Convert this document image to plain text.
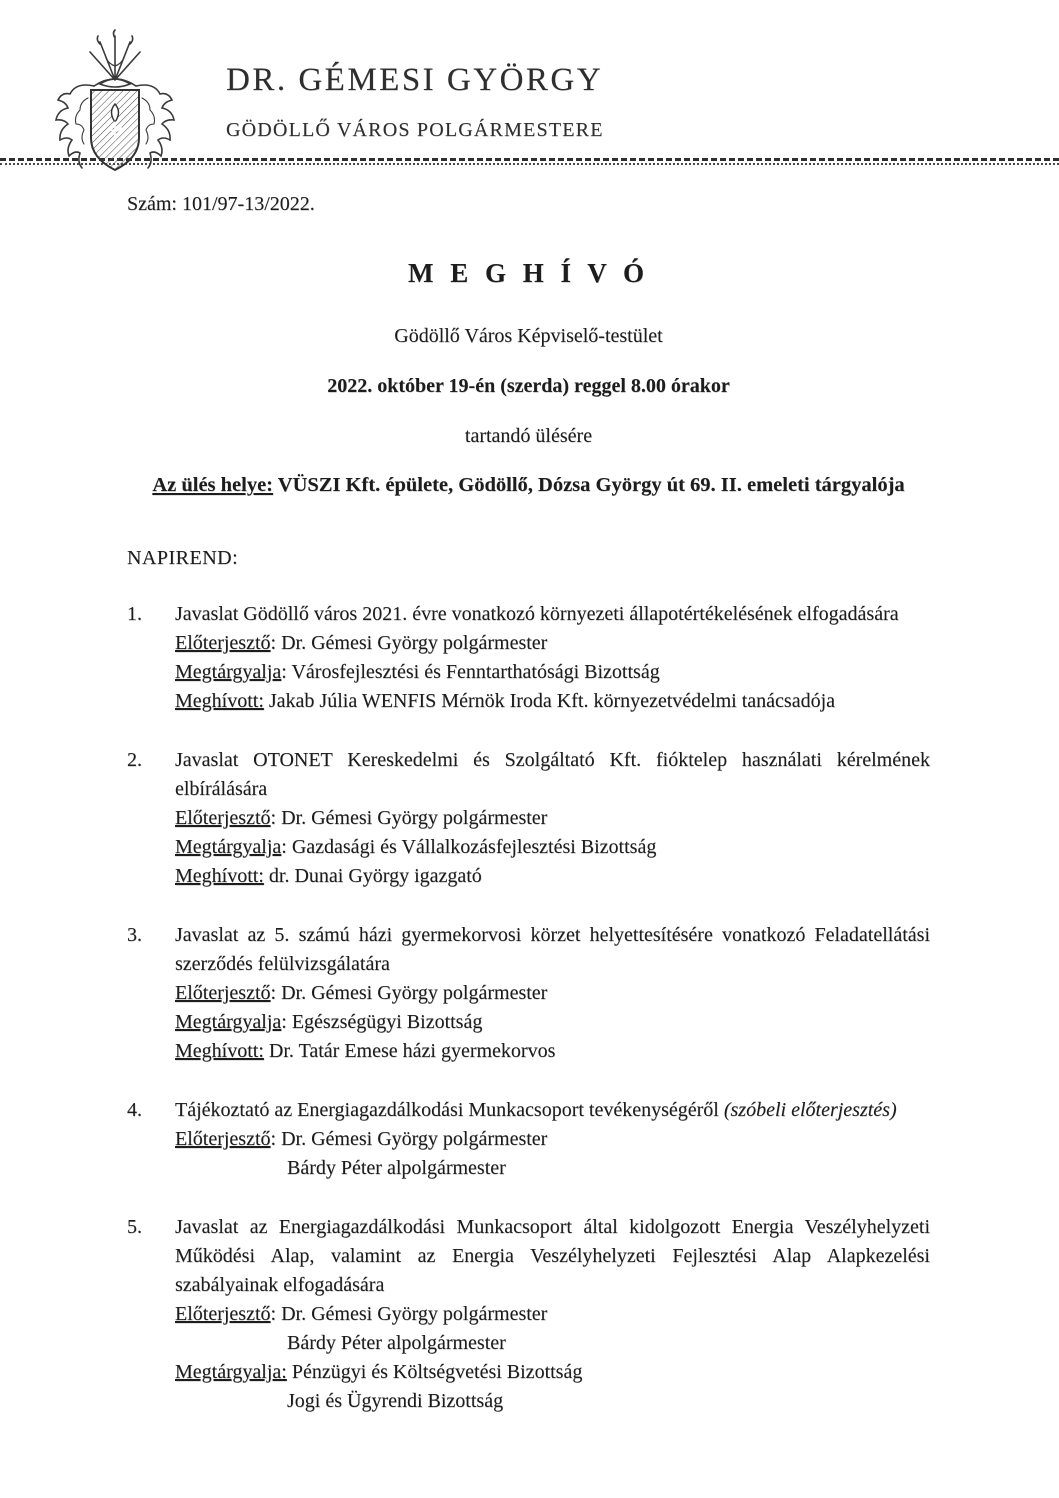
DR. GÉMESI GYÖRGY
GÖDÖLLŐ VÁROS POLGÁRMESTERE
Szám: 101/97-13/2022.
M E G H Í V Ó
Gödöllő Város Képviselő-testület
2022. október 19-én (szerda) reggel 8.00 órakor
tartandó ülésére
Az ülés helye: VÜSZI Kft. épülete, Gödöllő, Dózsa György út 69. II. emeleti tárgyalója
NAPIREND:
1.	Javaslat Gödöllő város 2021. évre vonatkozó környezeti állapotértékelésének elfogadására
Előterjesztő: Dr. Gémesi György polgármester
Megtárgyalja: Városfejlesztési és Fenntarthatósági Bizottság
Meghívott: Jakab Júlia WENFIS Mérnök Iroda Kft. környezetvédelmi tanácsadója
2.	Javaslat OTONET Kereskedelmi és Szolgáltató Kft. fióktelep használati kérelmének elbírálására
Előterjesztő: Dr. Gémesi György polgármester
Megtárgyalja: Gazdasági és Vállalkozásfejlesztési Bizottság
Meghívott: dr. Dunai György igazgató
3.	Javaslat az 5. számú házi gyermekorvosi körzet helyettesítésére vonatkozó Feladatellátási szerződés felülvizsgálatára
Előterjesztő: Dr. Gémesi György polgármester
Megtárgyalja: Egészségügyi Bizottság
Meghívott: Dr. Tatár Emese házi gyermekorvos
4.	Tájékoztató az Energiagazdálkodási Munkacsoport tevékenységéről (szóbeli előterjesztés)
Előterjesztő: Dr. Gémesi György polgármester
Bárdy Péter alpolgármester
5.	Javaslat az Energiagazdálkodási Munkacsoport által kidolgozott Energia Veszélyhelyzeti Működési Alap, valamint az Energia Veszélyhelyzeti Fejlesztési Alap Alapkezelési szabályainak elfogadására
Előterjesztő: Dr. Gémesi György polgármester
Bárdy Péter alpolgármester
Megtárgyalja: Pénzügyi és Költségvetési Bizottság
Jogi és Ügyrendi Bizottság
